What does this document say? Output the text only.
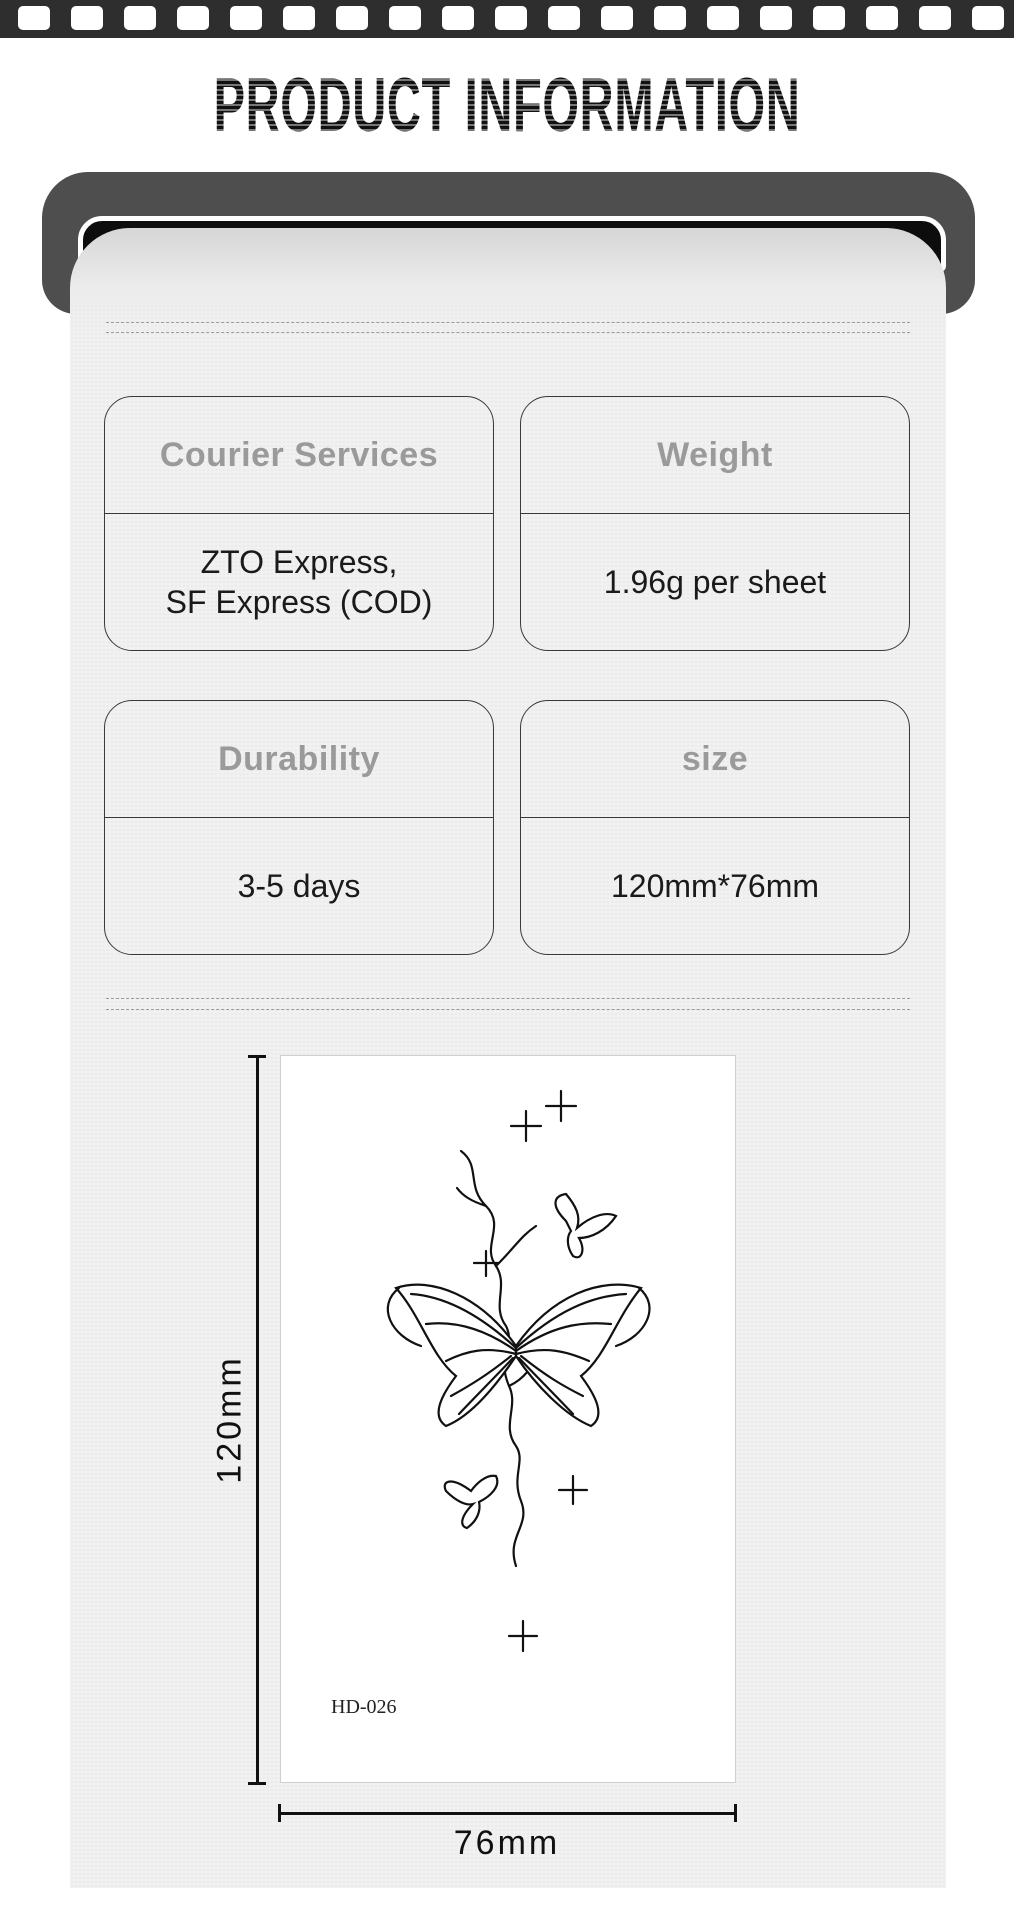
PRODUCT INFORMATION
Courier Services
ZTO Express,
SF Express (COD)
Weight
1.96g per sheet
Durability
3-5 days
size
120mm*76mm
HD-026
120mm
76mm
